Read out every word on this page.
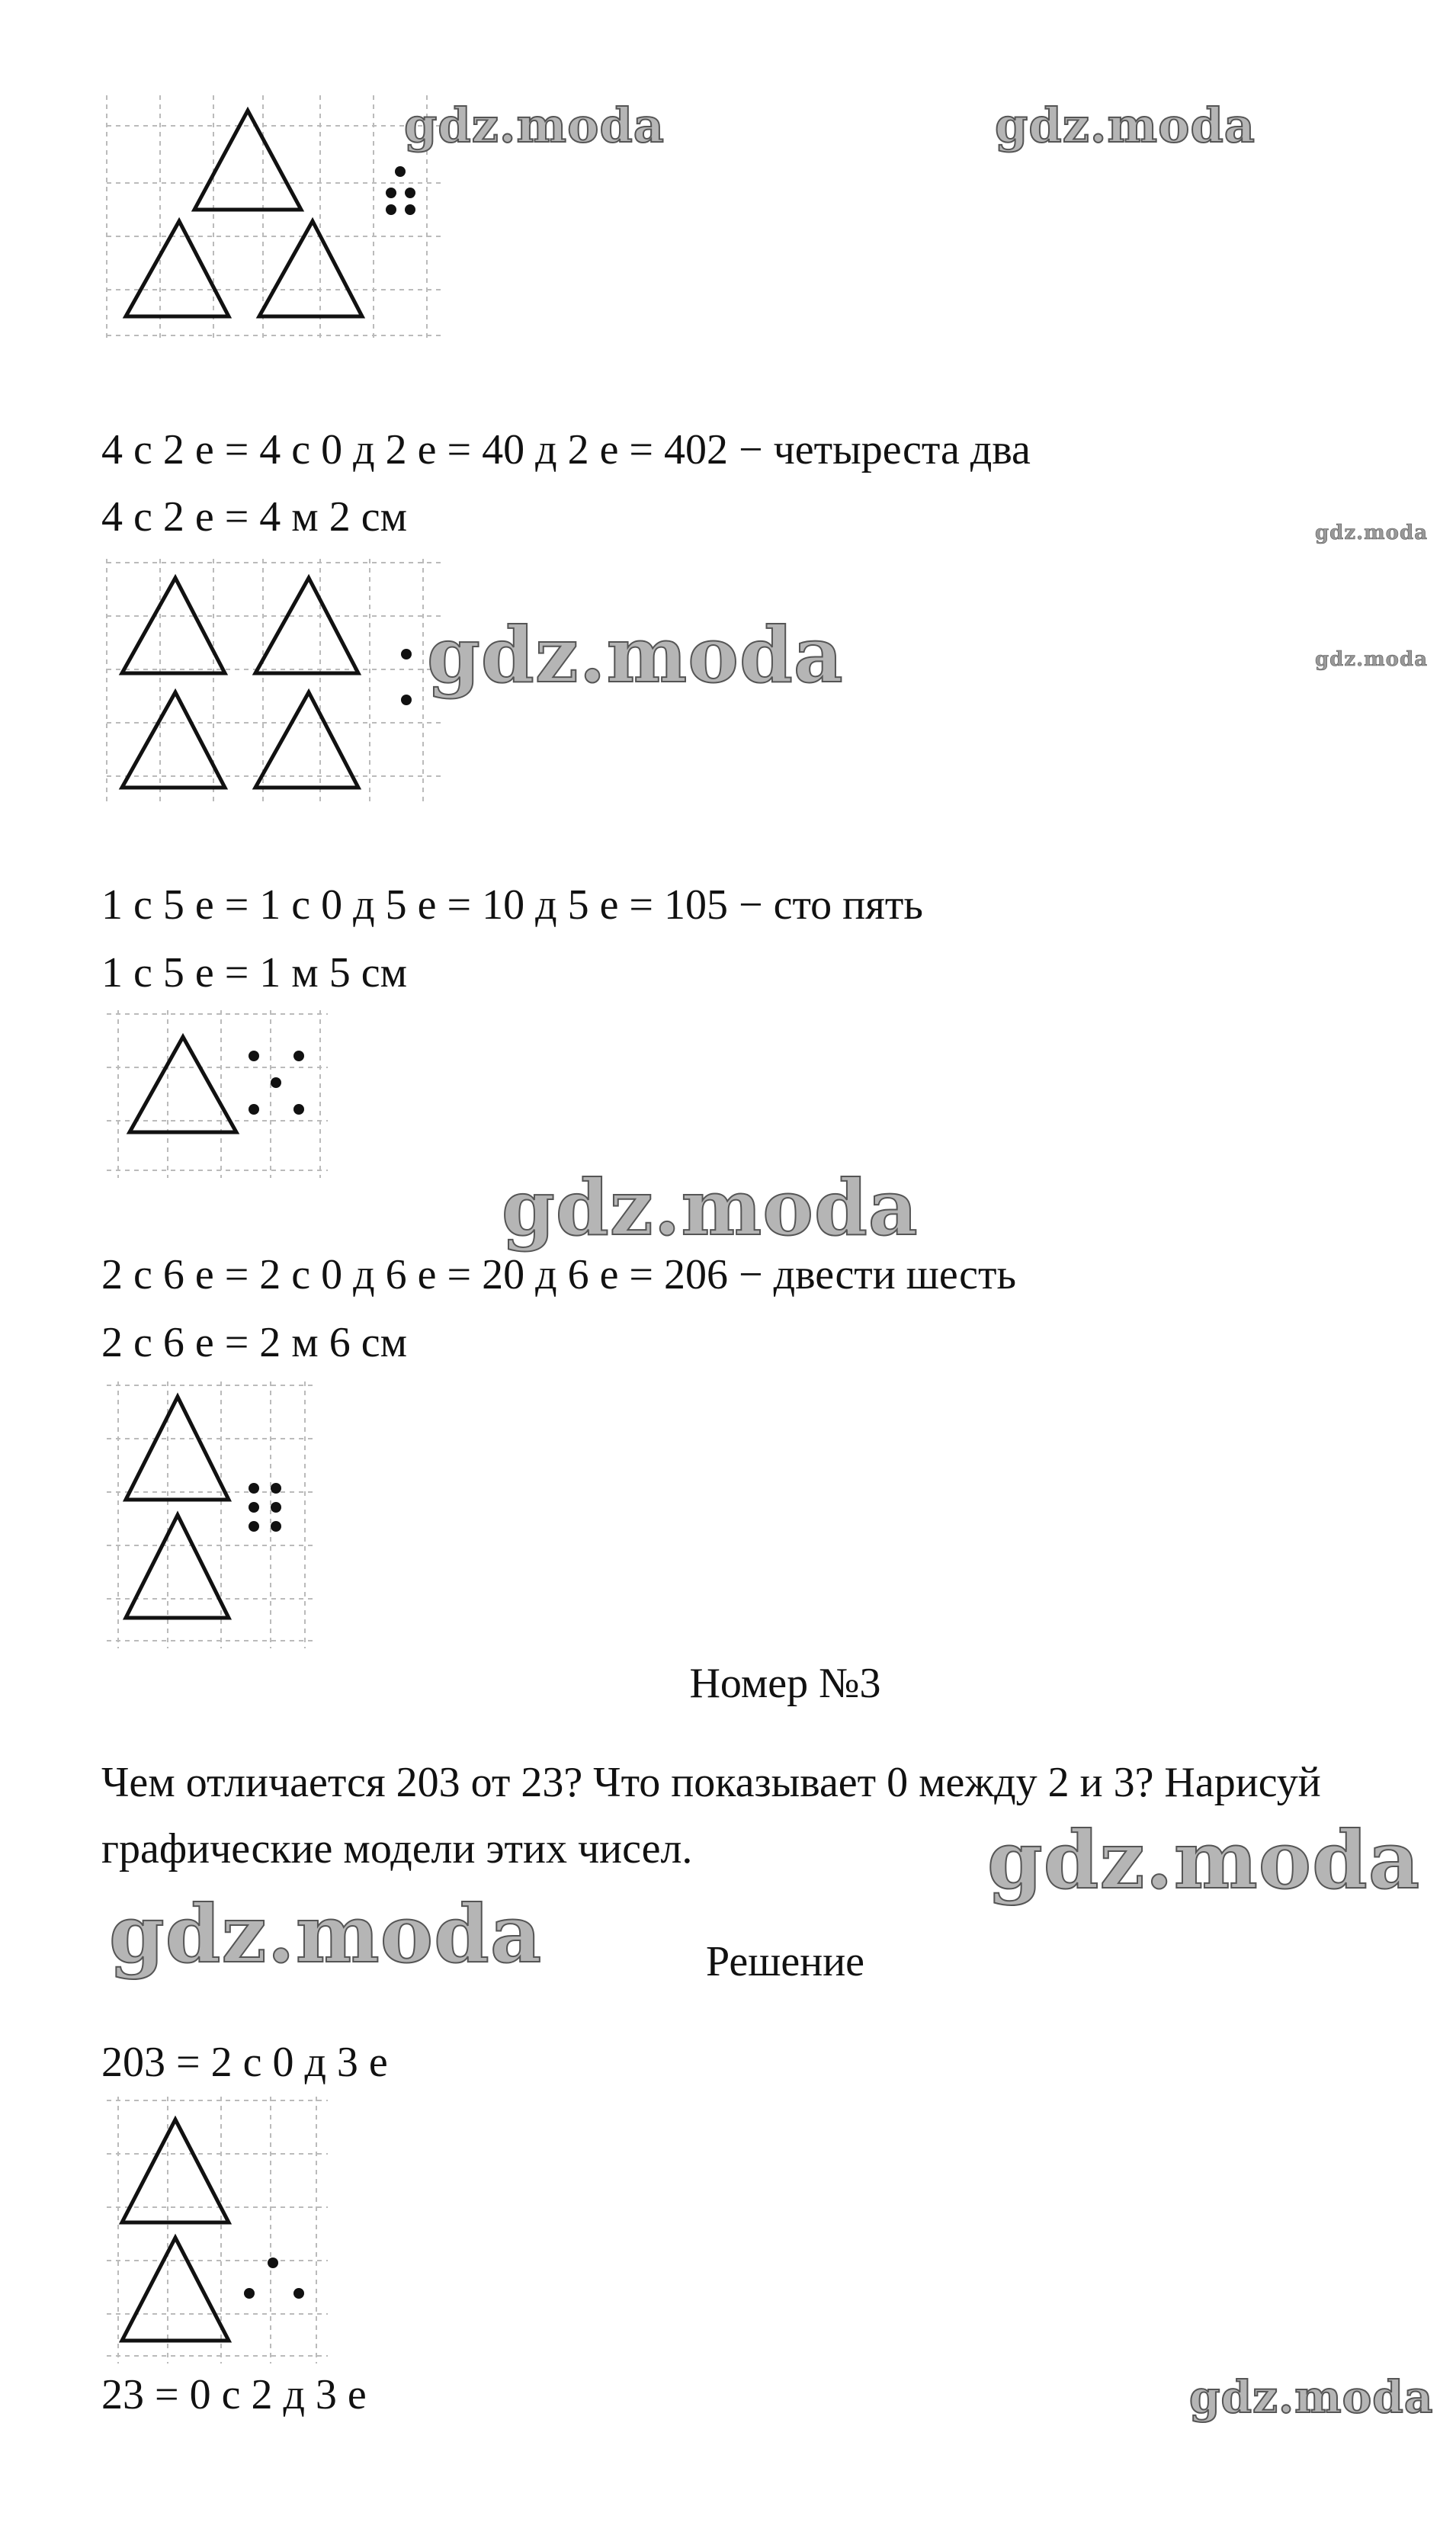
gdz.moda	gdz.moda
4 с 2 е = 4 с 0 д 2 е = 40 д 2 е = 402 − четыреста два
4 с 2 е = 4 м 2 см	gdz.moda
gdz.moda	gdz.moda
1 с 5 е = 1 с 0 д 5 е = 10 д 5 е = 105 − сто пять
1 с 5 е = 1 м 5 см
gdz.moda
2 с 6 е = 2 с 0 д 6 е = 20 д 6 е = 206 − двести шесть
2 с 6 е = 2 м 6 см
Номер №3
Чем отличается 203 от 23? Что показывает 0 между 2 и 3? Нарисуй
графические модели этих чисел.	gdz.moda
gdz.moda	Решение
203 = 2 с 0 д 3 е
23 = 0 с 2 д 3 е	gdz.moda
